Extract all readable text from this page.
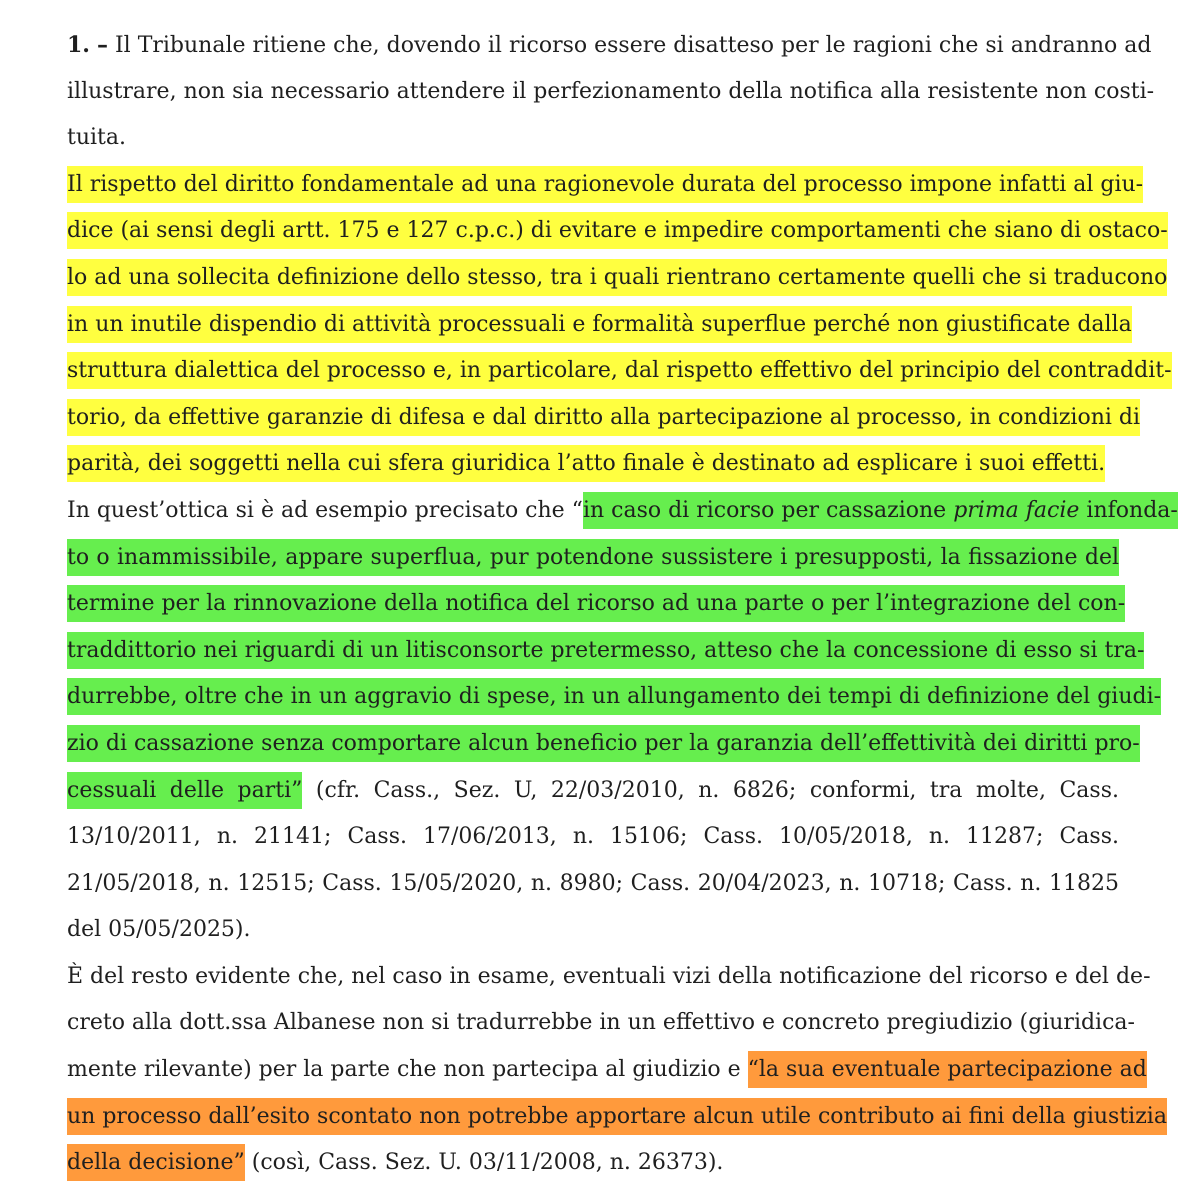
1. – Il Tribunale ritiene che, dovendo il ricorso essere disatteso per le ragioni che si andranno ad
illustrare, non sia necessario attendere il perfezionamento della notifica alla resistente non costi-
tuita.
Il rispetto del diritto fondamentale ad una ragionevole durata del processo impone infatti al giu-
dice (ai sensi degli artt. 175 e 127 c.p.c.) di evitare e impedire comportamenti che siano di ostaco-
lo ad una sollecita definizione dello stesso, tra i quali rientrano certamente quelli che si traducono
in un inutile dispendio di attività processuali e formalità superflue perché non giustificate dalla
struttura dialettica del processo e, in particolare, dal rispetto effettivo del principio del contraddit-
torio, da effettive garanzie di difesa e dal diritto alla partecipazione al processo, in condizioni di
parità, dei soggetti nella cui sfera giuridica l’atto finale è destinato ad esplicare i suoi effetti.
In quest’ottica si è ad esempio precisato che “in caso di ricorso per cassazione prima facie infonda-
to o inammissibile, appare superflua, pur potendone sussistere i presupposti, la fissazione del
termine per la rinnovazione della notifica del ricorso ad una parte o per l’integrazione del con-
traddittorio nei riguardi di un litisconsorte pretermesso, atteso che la concessione di esso si tra-
durrebbe, oltre che in un aggravio di spese, in un allungamento dei tempi di definizione del giudi-
zio di cassazione senza comportare alcun beneficio per la garanzia dell’effettività dei diritti pro-
cessuali delle parti” (cfr. Cass., Sez. U, 22/03/2010, n. 6826; conformi, tra molte, Cass.
13/10/2011, n. 21141; Cass. 17/06/2013, n. 15106; Cass. 10/05/2018, n. 11287; Cass.
21/05/2018, n. 12515; Cass. 15/05/2020, n. 8980; Cass. 20/04/2023, n. 10718; Cass. n. 11825
del 05/05/2025).
È del resto evidente che, nel caso in esame, eventuali vizi della notificazione del ricorso e del de-
creto alla dott.ssa Albanese non si tradurrebbe in un effettivo e concreto pregiudizio (giuridica-
mente rilevante) per la parte che non partecipa al giudizio e “la sua eventuale partecipazione ad
un processo dall’esito scontato non potrebbe apportare alcun utile contributo ai fini della giustizia
della decisione” (così, Cass. Sez. U. 03/11/2008, n. 26373).
